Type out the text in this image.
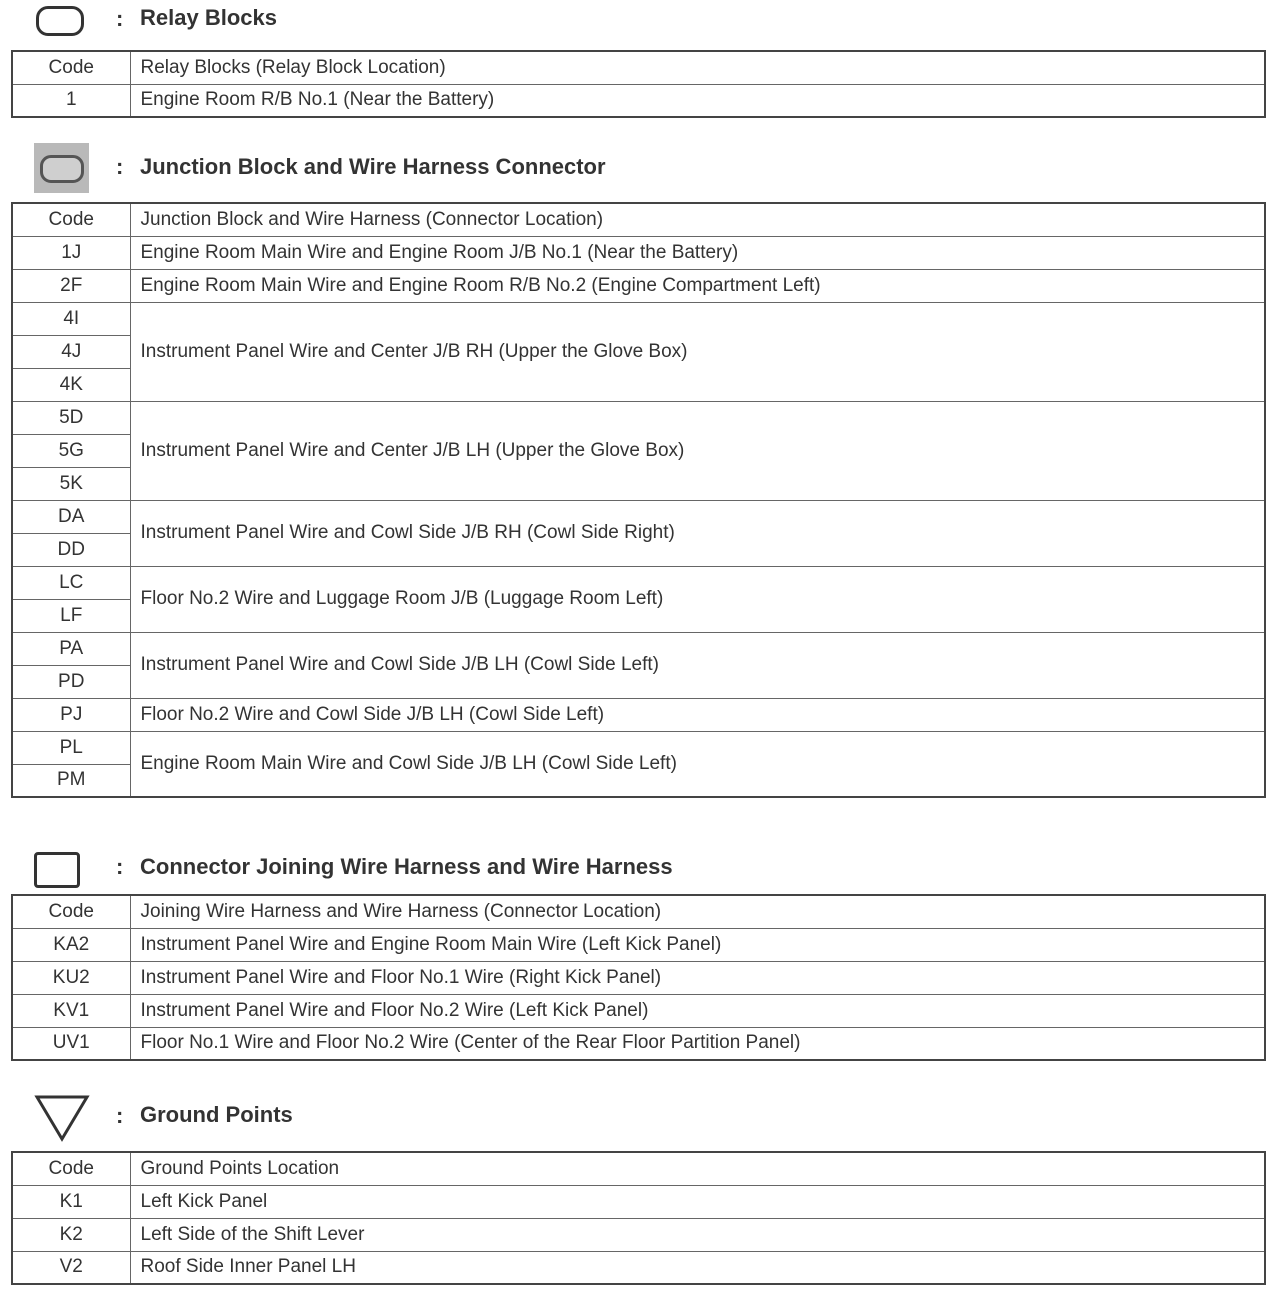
: Relay Blocks
Code	Relay Blocks (Relay Block Location)
1	Engine Room R/B No.1 (Near the Battery)
: Junction Block and Wire Harness Connector
Code	Junction Block and Wire Harness (Connector Location)
1J	Engine Room Main Wire and Engine Room J/B No.1 (Near the Battery)
2F	Engine Room Main Wire and Engine Room R/B No.2 (Engine Compartment Left)
4I	Instrument Panel Wire and Center J/B RH (Upper the Glove Box)
4J	
4K	
5D	Instrument Panel Wire and Center J/B LH (Upper the Glove Box)
5G	
5K	
DA	Instrument Panel Wire and Cowl Side J/B RH (Cowl Side Right)
DD	
LC	Floor No.2 Wire and Luggage Room J/B (Luggage Room Left)
LF	
PA	Instrument Panel Wire and Cowl Side J/B LH (Cowl Side Left)
PD	
PJ	Floor No.2 Wire and Cowl Side J/B LH (Cowl Side Left)
PL	Engine Room Main Wire and Cowl Side J/B LH (Cowl Side Left)
PM	
: Connector Joining Wire Harness and Wire Harness
Code	Joining Wire Harness and Wire Harness (Connector Location)
KA2	Instrument Panel Wire and Engine Room Main Wire (Left Kick Panel)
KU2	Instrument Panel Wire and Floor No.1 Wire (Right Kick Panel)
KV1	Instrument Panel Wire and Floor No.2 Wire (Left Kick Panel)
UV1	Floor No.1 Wire and Floor No.2 Wire (Center of the Rear Floor Partition Panel)
: Ground Points
Code	Ground Points Location
K1	Left Kick Panel
K2	Left Side of the Shift Lever
V2	Roof Side Inner Panel LH
